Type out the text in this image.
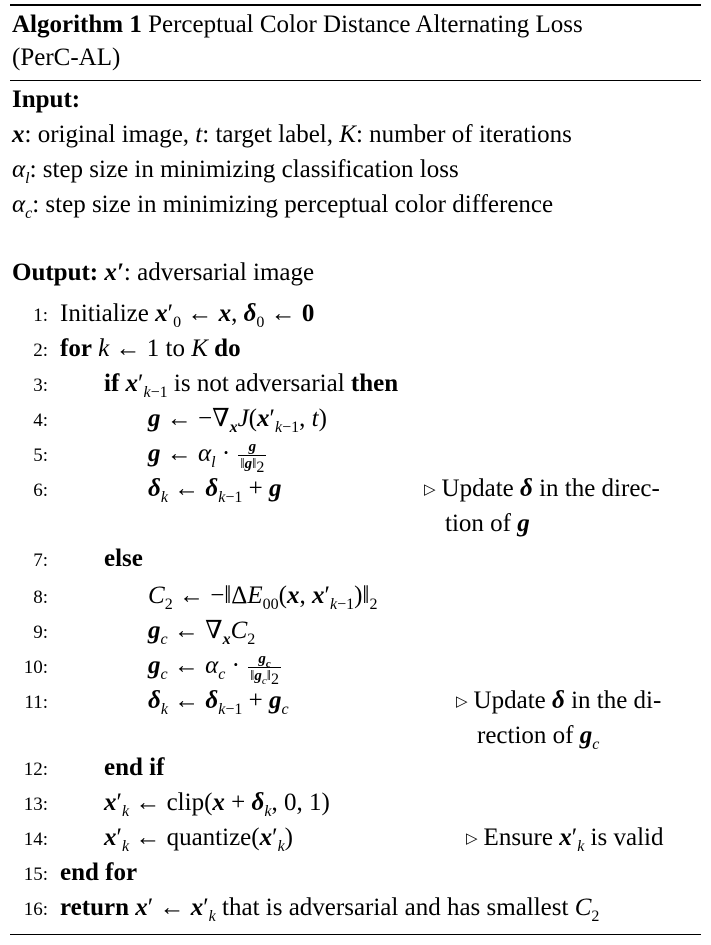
Algorithm 1 Perceptual Color Distance Alternating Loss
(PerC-AL)
Input:
x: original image, t: target label, K: number of iterations
$\alpha_l$: step size in minimizing classification loss
$\alpha_c$: step size in minimizing perceptual color difference
Output: x′: adversarial image
1: Initialize $x'_0$ ← x, $\delta_0$ ← 0
2: for k ← 1 to K do
3: if $x'_{k-1}$ is not adversarial then
4:	g ← $-\nabla_xJ(x'_{k-1}$, t)
5:	g ← $\alpha_l \cdot \frac{g}{‖g‖_2}$
6:	$\delta_k$ ← $\delta_{k-1} + g$	▷ Update δ in the direc-
tion of g
7: else
8:	$C_2$ ← $-‖\Delta E_{00}(x$, $x'_{k-1})‖_2$
9:	$g_c$ ← $\nabla_xC_2$
10:	$g_c$ ← $\alpha_c \cdot \frac{g_c}{‖g_c‖_2}$
11:	$\delta_k$ ← $\delta_{k-1} + g_c$	▷ Update δ in the di-
rection of $g_c$
12: end if
13: $x'_k$ ← clip(x + $\delta_k$, 0, 1)
14: $x'_k$ ← $quantize(x'_k)$	▷ Ensure $x'_k$ is valid
15: end for
16: return x′ ← $x'_k$ that is adversarial and has smallest $C_2$
